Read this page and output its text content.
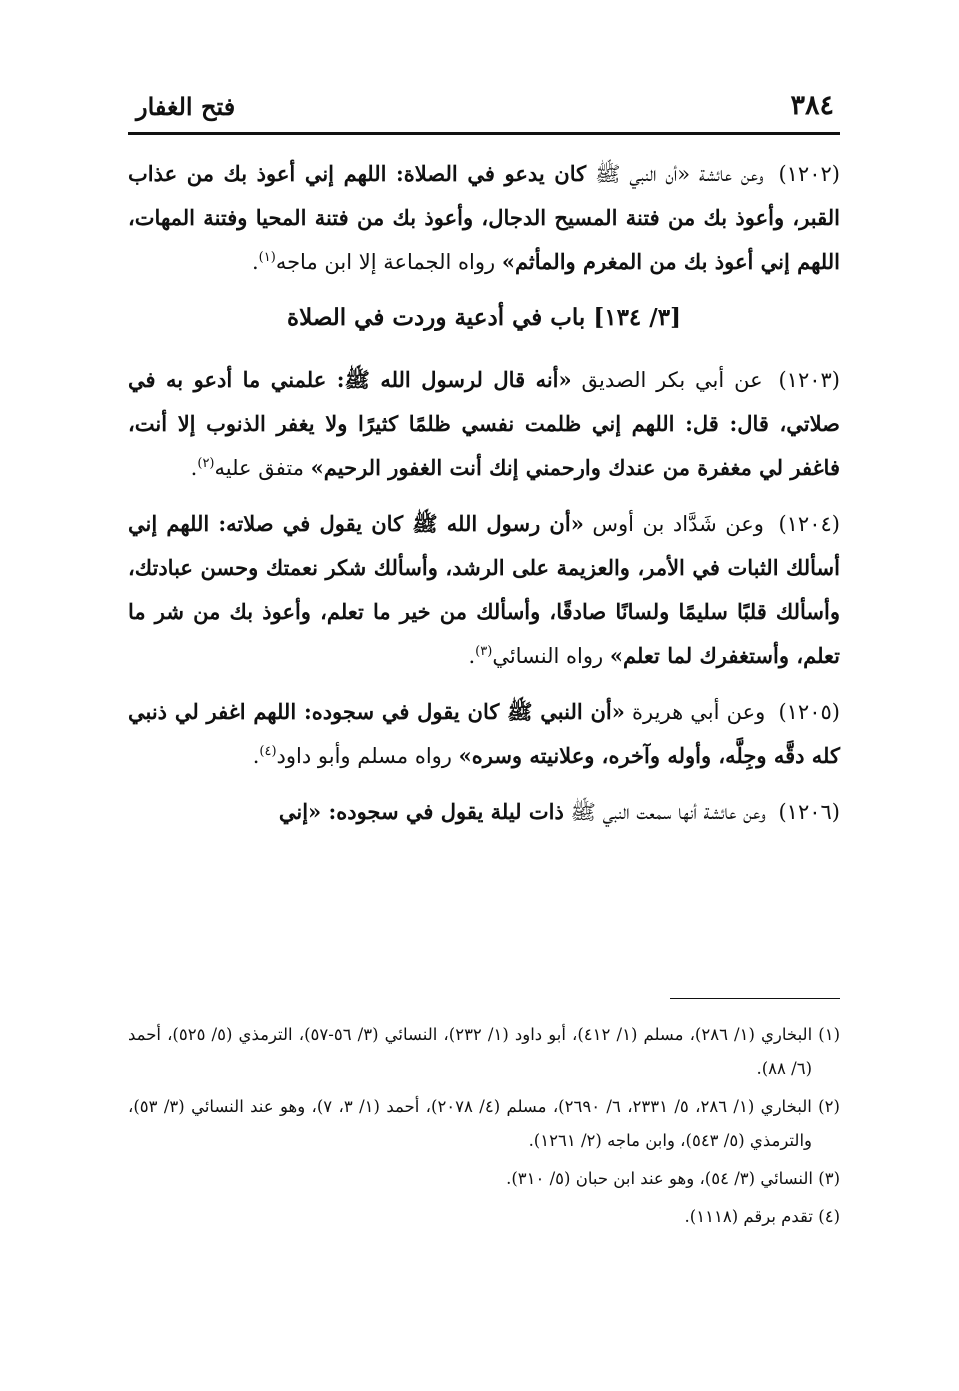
٣٨٤
فتح الغفار

(١٢٠٢) وعن عائشة «أن النبي ﷺ كان يدعو في الصلاة: اللهم إني أعوذ بك من عذاب القبر، وأعوذ بك من فتنة المسيح الدجال، وأعوذ بك من فتنة المحيا وفتنة المهات، اللهم إني أعوذ بك من المغرم والمأثم» رواه الجماعة إلا ابن ماجه$^{(١)}$.

[٣/ ١٣٤] باب في أدعية وردت في الصلاة

(١٢٠٣) عن أبي بكر الصديق «أنه قال لرسول الله ﷺ: علمني ما أدعو به في صلاتي، قال: قل: اللهم إني ظلمت نفسي ظلمًا كثيرًا ولا يغفر الذنوب إلا أنت، فاغفر لي مغفرة من عندك وارحمني إنك أنت الغفور الرحيم» متفق عليه$^{(٢)}$.

(١٢٠٤) وعن شَدَّاد بن أوس «أن رسول الله ﷺ كان يقول في صلاته: اللهم إني أسألك الثبات في الأمر، والعزيمة على الرشد، وأسألك شكر نعمتك وحسن عبادتك، وأسألك قلبًا سليمًا ولسانًا صادقًا، وأسألك من خير ما تعلم، وأعوذ بك من شر ما تعلم، وأستغفرك لما تعلم» رواه النسائي$^{(٣)}$.

(١٢٠٥) وعن أبي هريرة «أن النبي ﷺ كان يقول في سجوده: اللهم اغفر لي ذنبي كله دقَّه وجِلَّه، وأوله وآخره، وعلانيته وسره» رواه مسلم وأبو داود$^{(٤)}$.

(١٢٠٦) وعن عائشة أنها سمعت النبي ﷺ ذات ليلة يقول في سجوده: «إني

(١) البخاري (١/ ٢٨٦)، مسلم (١/ ٤١٢)، أبو داود (١/ ٢٣٢)، النسائي (٣/ ٥٦-٥٧)، الترمذي (٥/ ٥٢٥)، أحمد (٦/ ٨٨).

(٢) البخاري (١/ ٢٨٦، ٥/ ٢٣٣١، ٦/ ٢٦٩٠)، مسلم (٤/ ٢٠٧٨)، أحمد (١/ ٣، ٧)، وهو عند النسائي (٣/ ٥٣)، والترمذي (٥/ ٥٤٣)، وابن ماجه (٢/ ١٢٦١).

(٣) النسائي (٣/ ٥٤)، وهو عند ابن حبان (٥/ ٣١٠).

(٤) تقدم برقم (١١١٨).
